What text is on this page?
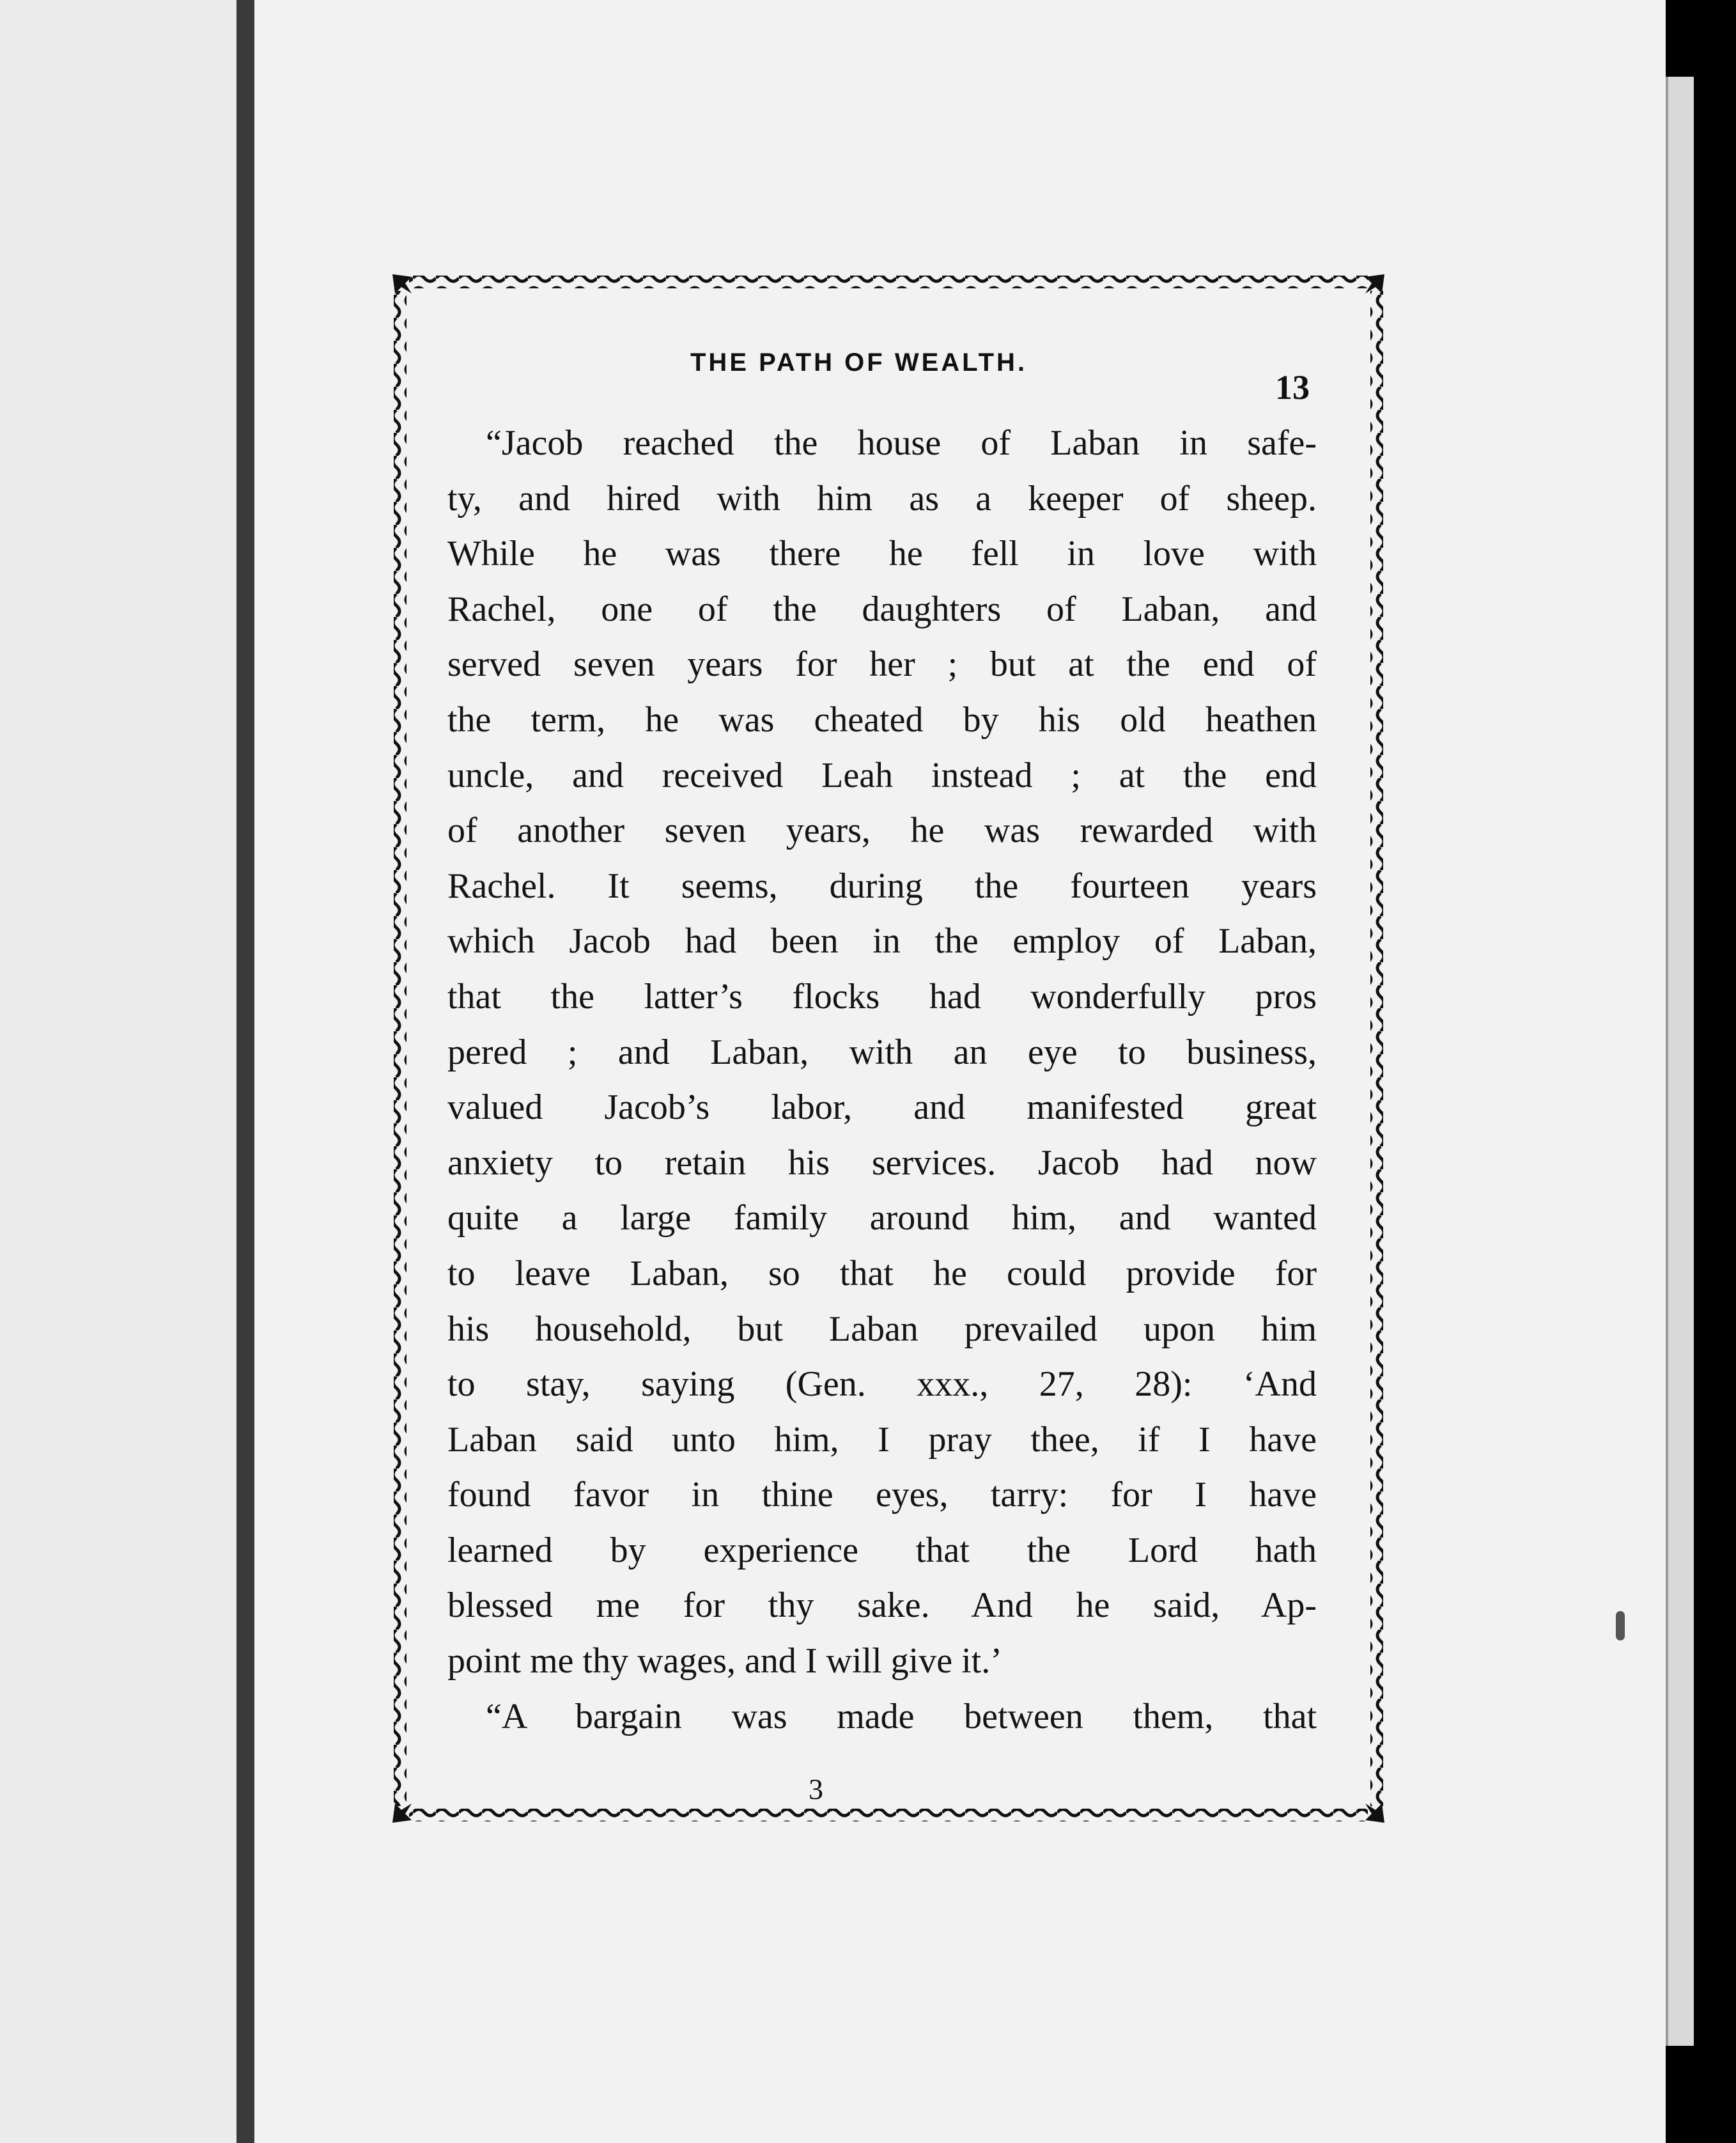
THE PATH OF WEALTH.
13
“Jacob reached the house of Laban in safe-
ty, and hired with him as a keeper of sheep.
While he was there he fell in love with
Rachel, one of the daughters of Laban, and
served seven years for her ; but at the end of
the term, he was cheated by his old heathen
uncle, and received Leah instead ; at the end
of another seven years, he was rewarded with
Rachel. It seems, during the fourteen years
which Jacob had been in the employ of Laban,
that the latter’s flocks had wonderfully pros
pered ; and Laban, with an eye to business,
valued Jacob’s labor, and manifested great
anxiety to retain his services. Jacob had now
quite a large family around him, and wanted
to leave Laban, so that he could provide for
his household, but Laban prevailed upon him
to stay, saying (Gen. xxx., 27, 28): ‘And
Laban said unto him, I pray thee, if I have
found favor in thine eyes, tarry: for I have
learned by experience that the Lord hath
blessed me for thy sake. And he said, Ap-
point me thy wages, and I will give it.’
“A bargain was made between them, that
3
